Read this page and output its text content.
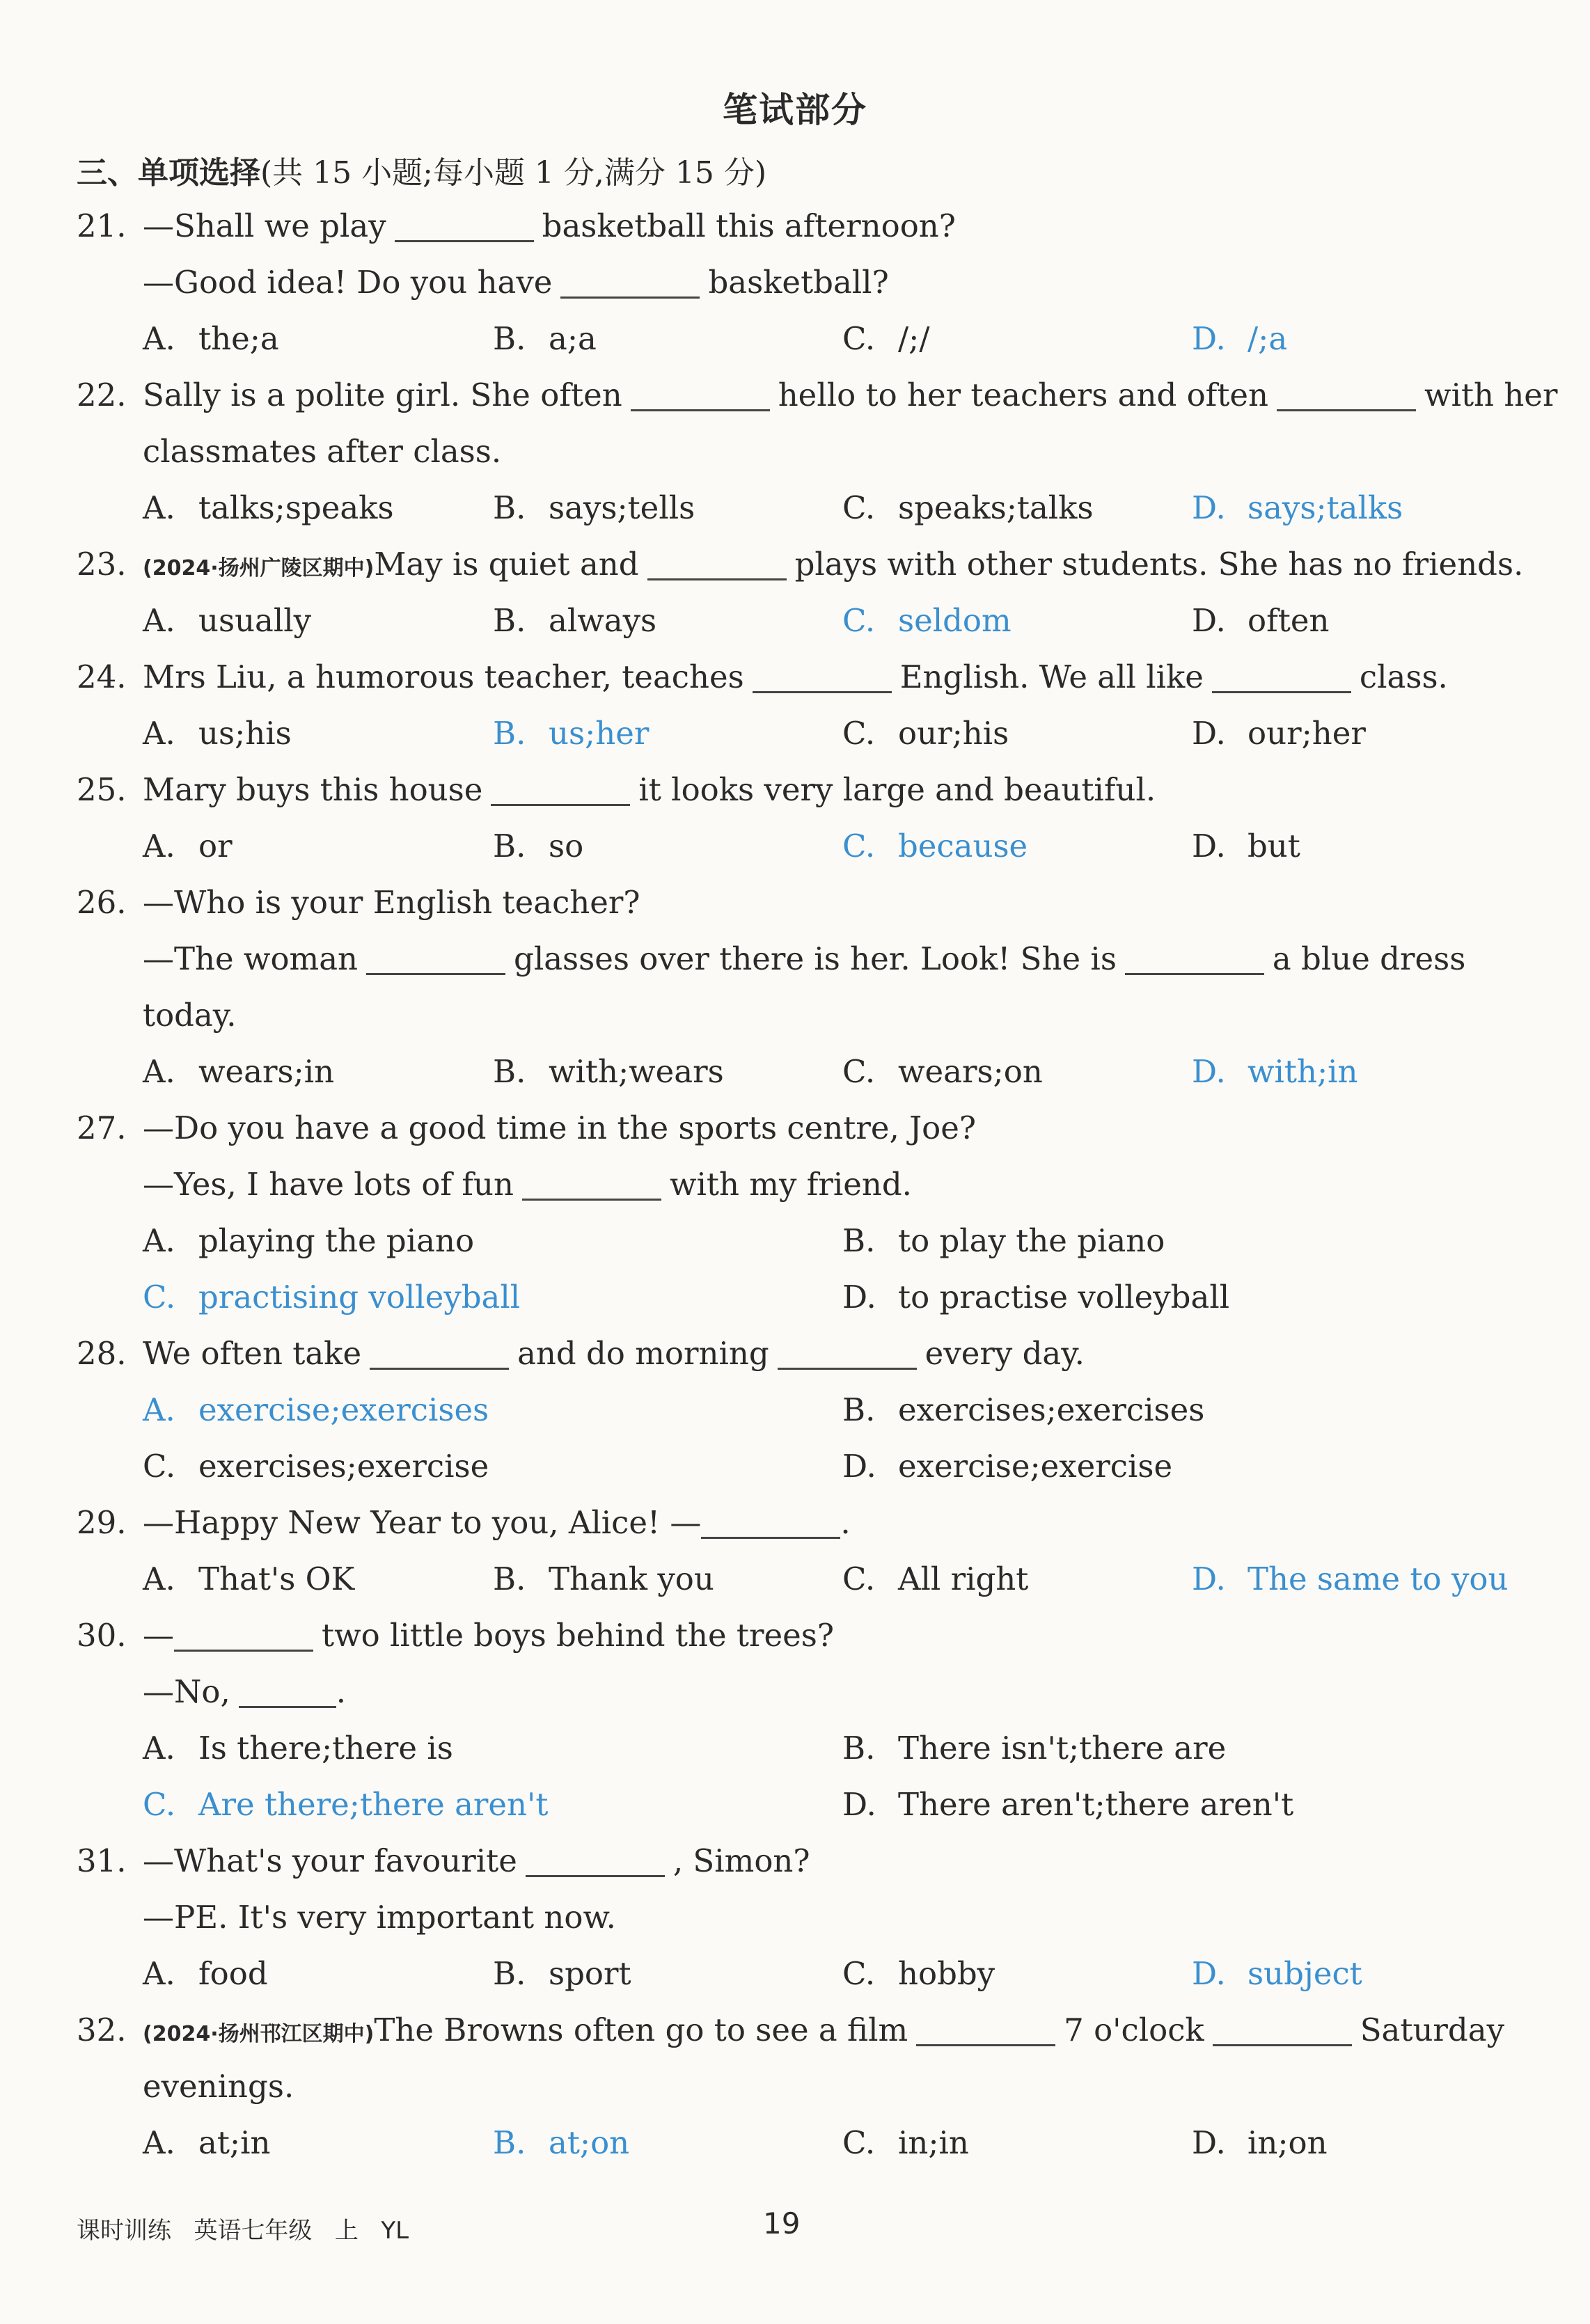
笔试部分
三、单项选择(共 15 小题;每小题 1 分,满分 15 分)
21. —Shall we play	basketball this afternoon?
—Good idea! Do you have	basketball?
A. the;a	B. a;a	C. /;/	D. /;a
22. Sally is a polite girl. She often	hello to her teachers and often	with her
classmates after class.
A. talks;speaks	B. says;tells	C. speaks;talks	D. says;talks
23. (2024·扬州广陵区期中)May is quiet and	plays with other students. She has no friends.
A. usually	B. always	C. seldom	D. often
24. Mrs Liu, a humorous teacher, teaches	English. We all like	class.
A. us;his	B. us;her	C. our;his	D. our;her
25. Mary buys this house	it looks very large and beautiful.
A. or	B. so	C. because	D. but
26. —Who is your English teacher?
—The woman	glasses over there is her. Look! She is	a blue dress
today.
A. wears;in	B. with;wears	C. wears;on	D. with;in
27. —Do you have a good time in the sports centre, Joe?
—Yes, I have lots of fun	with my friend.
A. playing the piano	B. to play the piano
C. practising volleyball	D. to practise volleyball
28. We often take	and do morning	every day.
A. exercise;exercises	B. exercises;exercises
C. exercises;exercise	D. exercise;exercise
29. —Happy New Year to you, Alice! —	.
A. That's OK	B. Thank you	C. All right	D. The same to you
30. —	two little boys behind the trees?
—No,	.
A. Is there;there is	B. There isn't;there are
C. Are there;there aren't	D. There aren't;there aren't
31. —What's your favourite	, Simon?
—PE. It's very important now.
A. food	B. sport	C. hobby	D. subject
32. (2024·扬州邗江区期中)The Browns often go to see a film	7 o'clock	Saturday
evenings.
A. at;in	B. at;on	C. in;in	D. in;on
课时训练 英语七年级 上 YL	19
